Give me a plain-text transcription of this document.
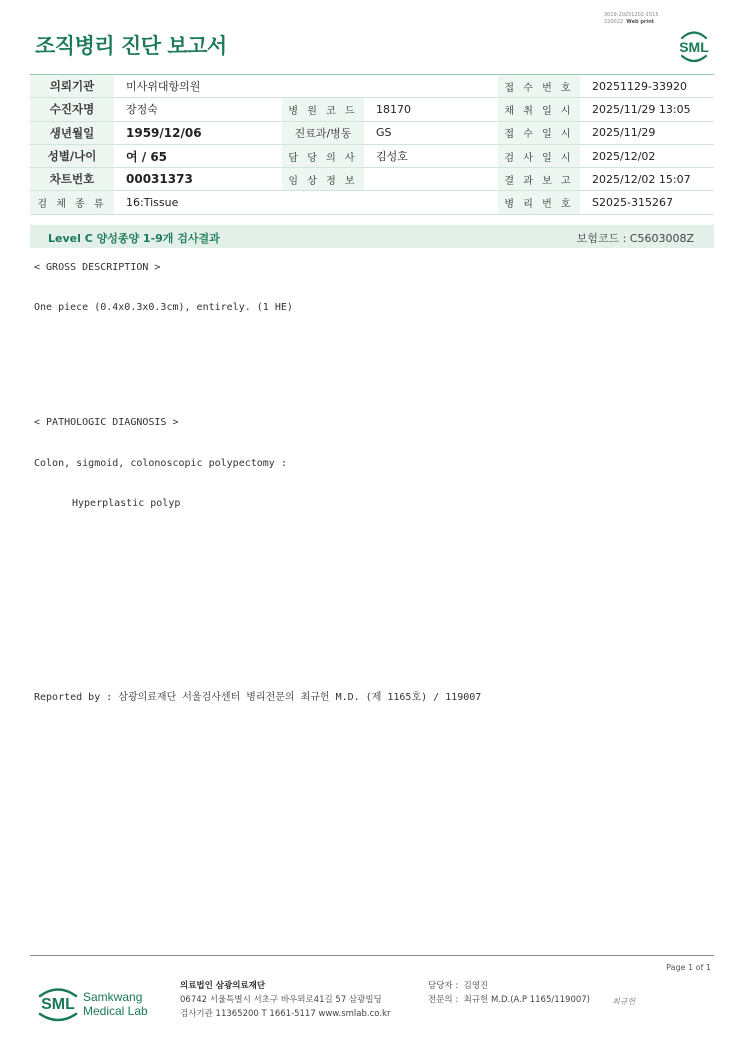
조직병리 진단 보고서
3019-20251202-1515
220022 Web print
SML
의뢰기관	미사위대항의원			접 수 번 호	20251129-33920
수진자명	장정숙	병 원 코 드	18170	채 취 일 시	2025/11/29 13:05
생년월일	1959/12/06	진료과/병동	GS	접 수 일 시	2025/11/29
성별/나이	여 / 65	담 당 의 사	김성호	검 사 일 시	2025/12/02
차트번호	00031373	임 상 정 보		결 과 보 고	2025/12/02 15:07
검 체 종 류	16:Tissue			병 리 번 호	S2025-315267
Level C 양성종양 1-9개 검사결과	보험코드 : C5603008Z
< GROSS DESCRIPTION >
One piece (0.4x0.3x0.3cm), entirely. (1 HE)
< PATHOLOGIC DIAGNOSIS >
Colon, sigmoid, colonoscopic polypectomy :
Hyperplastic polyp
Reported by : 삼광의료재단 서울검사센터 병리전문의 최규헌 M.D. (제 1165호) / 119007
Page 1 of 1
SML Samkwang
Medical Lab
의료법인 삼광의료재단
06742 서울특별시 서초구 바우뫼로41길 57 삼광빌딩
검사기관 11365200 T 1661-5117 www.smlab.co.kr
담당자 : 김영진
전문의 : 최규헌 M.D.(A.P 1165/119007)	최규헌
